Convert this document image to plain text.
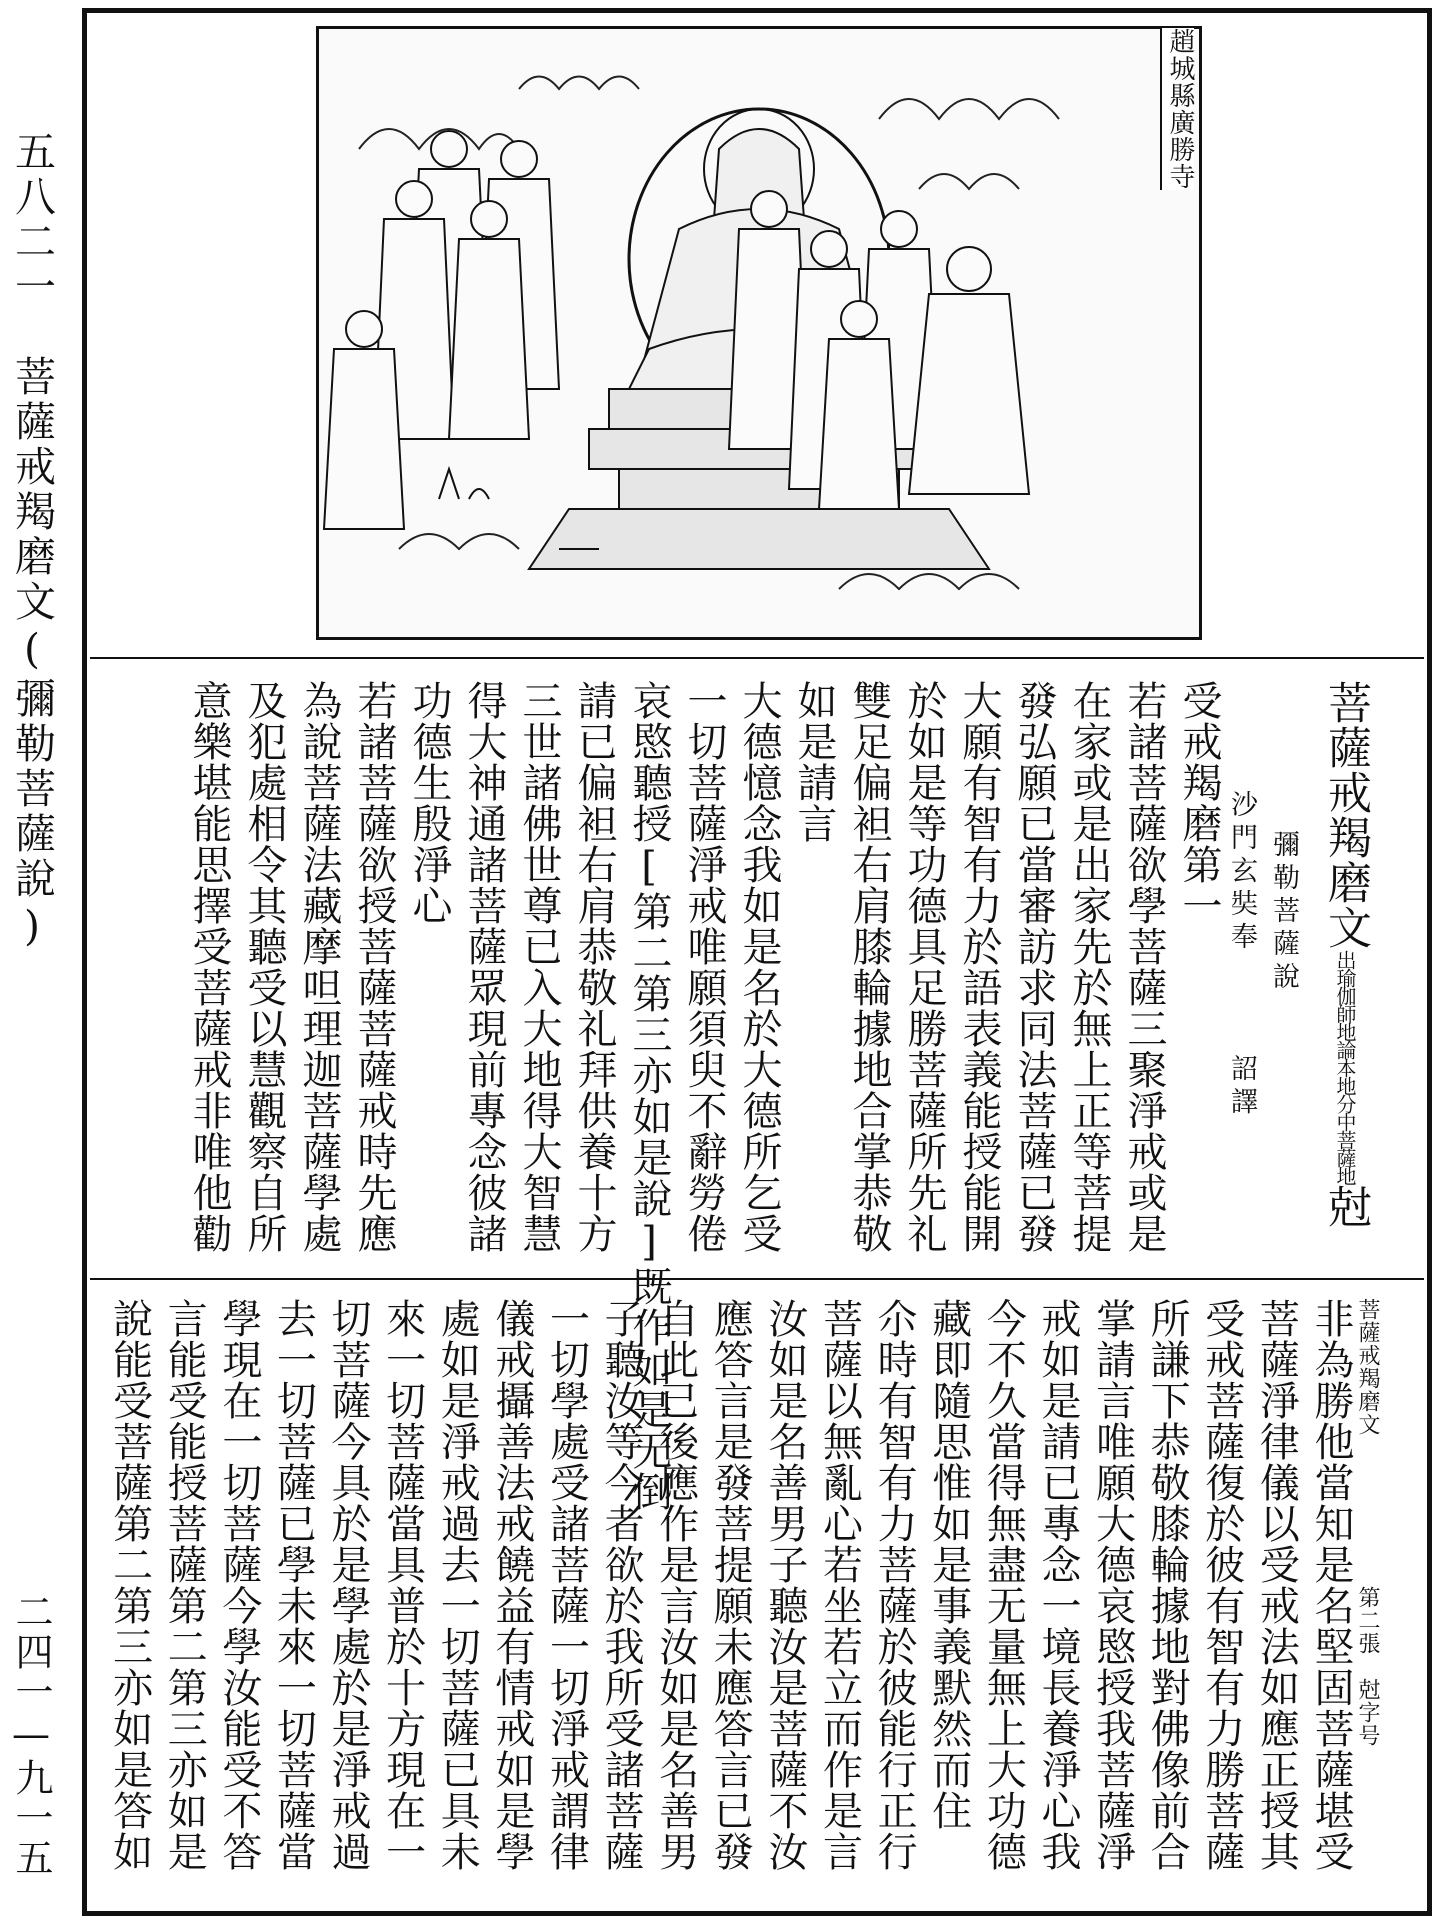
五八二一　菩薩戒羯磨文(彌勒菩薩說)
二四一—九一五
趙城縣廣勝寺
菩薩戒羯磨文出瑜伽師地論本地分中菩薩地尅
彌勒菩薩說
沙門玄奘奉　　　詔譯
受戒羯磨第一
若諸菩薩欲學菩薩三聚淨戒或是
在家或是出家先於無上正等菩提
發弘願已當審訪求同法菩薩已發
大願有智有力於語表義能授能開
於如是等功德具足勝菩薩所先礼
雙足偏袒右肩膝輪據地合掌恭敬
如是請言
大德憶念我如是名於大德所乞受
一切菩薩淨戒唯願須臾不辭勞倦
哀愍聽授[第二第三亦如是說]既作如是无倒
請已偏袒右肩恭敬礼拜供養十方
三世諸佛世尊已入大地得大智慧
得大神通諸菩薩眾現前專念彼諸
功德生殷淨心
若諸菩薩欲授菩薩菩薩戒時先應
為說菩薩法藏摩呾理迦菩薩學處
及犯處相令其聽受以慧觀察自所
意樂堪能思擇受菩薩戒非唯他勸
菩薩戒羯磨文第二張　尅字号
非為勝他當知是名堅固菩薩堪受
菩薩淨律儀以受戒法如應正授其
受戒菩薩復於彼有智有力勝菩薩
所謙下恭敬膝輪據地對佛像前合
掌請言唯願大德哀愍授我菩薩淨
戒如是請已專念一境長養淨心我
今不久當得無盡无量無上大功德
藏即隨思惟如是事義默然而住
尒時有智有力菩薩於彼能行正行
菩薩以無亂心若坐若立而作是言
汝如是名善男子聽汝是菩薩不汝
應答言是發菩提願未應答言已發
自此已後應作是言汝如是名善男
子聽汝等今者欲於我所受諸菩薩
一切學處受諸菩薩一切淨戒謂律
儀戒攝善法戒饒益有情戒如是學
處如是淨戒過去一切菩薩已具未
來一切菩薩當具普於十方現在一
切菩薩今具於是學處於是淨戒過
去一切菩薩已學未來一切菩薩當
學現在一切菩薩今學汝能受不答
言能受能授菩薩第二第三亦如是
說能受菩薩第二第三亦如是答如
